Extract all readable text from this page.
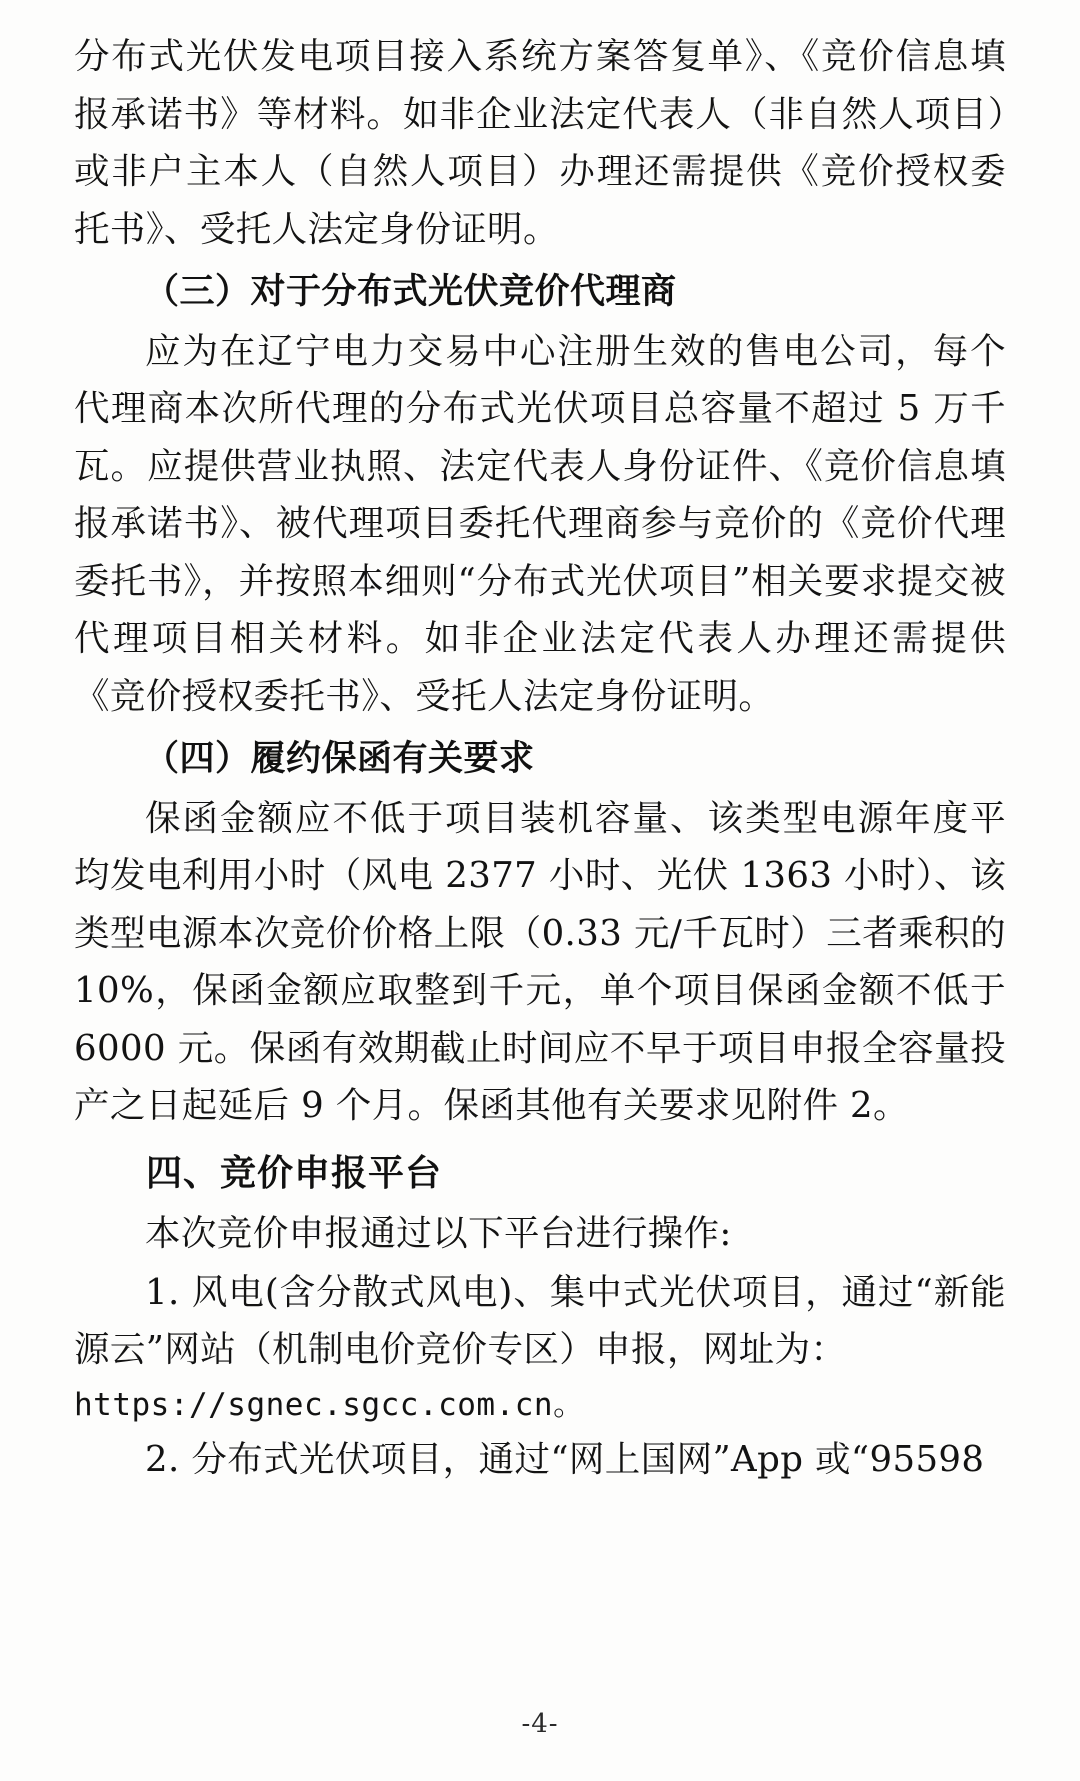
分布式光伏发电项目接入系统方案答复单》、《竞价信息填报承诺书》等材料。如非企业法定代表人（非自然人项目）或非户主本人（自然人项目）办理还需提供《竞价授权委托书》、受托人法定身份证明。

（三）对于分布式光伏竞价代理商

应为在辽宁电力交易中心注册生效的售电公司，每个代理商本次所代理的分布式光伏项目总容量不超过 5 万千瓦。应提供营业执照、法定代表人身份证件、《竞价信息填报承诺书》、被代理项目委托代理商参与竞价的《竞价代理委托书》，并按照本细则“分布式光伏项目”相关要求提交被代理项目相关材料。如非企业法定代表人办理还需提供《竞价授权委托书》、受托人法定身份证明。

（四）履约保函有关要求

保函金额应不低于项目装机容量、该类型电源年度平均发电利用小时（风电 2377 小时、光伏 1363 小时）、该类型电源本次竞价价格上限（0.33 元/千瓦时）三者乘积的 10%，保函金额应取整到千元，单个项目保函金额不低于 6000 元。保函有效期截止时间应不早于项目申报全容量投产之日起延后 9 个月。保函其他有关要求见附件 2。

四、竞价申报平台

本次竞价申报通过以下平台进行操作:

1. 风电(含分散式风电)、集中式光伏项目，通过“新能源云”网站（机制电价竞价专区）申报，网址为：

https://sgnec.sgcc.com.cn。

2. 分布式光伏项目，通过“网上国网”App 或“95598

-4-
